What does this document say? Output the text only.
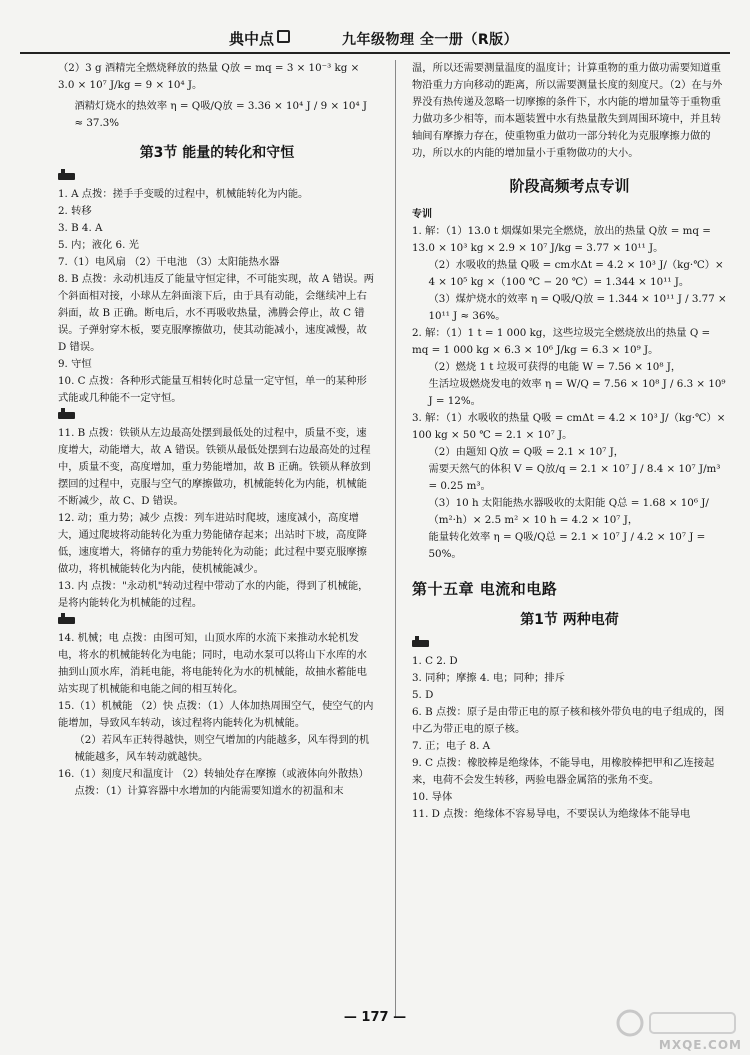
典中点	九年级物理 全一册（R版）

（2）3 g 酒精完全燃烧释放的热量 Q放 = mq = 3 × 10⁻³ kg ×

3.0 × 10⁷ J/kg = 9 × 10⁴ J。

酒精灯烧水的热效率 η = Q吸/Q放 = 3.36 × 10⁴ J / 9 × 10⁴ J ≈ 37.3%

第3节 能量的转化和守恒

1. A 点拨：搓手手变暖的过程中，机械能转化为内能。

2. 转移

3. B 4. A

5. 内；液化 6. 光

7.（1）电风扇 （2）干电池 （3）太阳能热水器

8. B 点拨：永动机违反了能量守恒定律，不可能实现，故 A 错误。两个斜面相对接，小球从左斜面滚下后，由于具有动能，会继续冲上右斜面，故 B 正确。断电后，水不再吸收热量，沸腾会停止，故 C 错误。子弹射穿木板，要克服摩擦做功，使其动能减小，速度减慢，故 D 错误。

9. 守恒

10. C 点拨：各种形式能量互相转化时总量一定守恒，单一的某种形式能或几种能不一定守恒。

11. B 点拨：铁锁从左边最高处摆到最低处的过程中，质量不变，速度增大，动能增大，故 A 错误。铁锁从最低处摆到右边最高处的过程中，质量不变，高度增加，重力势能增加，故 B 正确。铁锁从释放到摆回的过程中，克服与空气的摩擦做功，机械能转化为内能，机械能不断减少，故 C、D 错误。

12. 动；重力势；减少 点拨：列车进站时爬坡，速度减小，高度增大，通过爬坡将动能转化为重力势能储存起来；出站时下坡，高度降低，速度增大，将储存的重力势能转化为动能；此过程中要克服摩擦做功，将机械能转化为内能，使机械能减少。

13. 内 点拨："永动机"转动过程中带动了水的内能，得到了机械能，是将内能转化为机械能的过程。

14. 机械；电 点拨：由图可知，山顶水库的水流下来推动水轮机发电，将水的机械能转化为电能；同时，电动水泵可以将山下水库的水抽到山顶水库，消耗电能，将电能转化为水的机械能，故抽水蓄能电站实现了机械能和电能之间的相互转化。

15.（1）机械能 （2）快 点拨：（1）人体加热周围空气，使空气的内能增加，导致风车转动，该过程将内能转化为机械能。

（2）若风车正转得越快，则空气增加的内能越多，风车得到的机械能越多，风车转动就越快。

16.（1）刻度尺和温度计 （2）转轴处存在摩擦（或液体向外散热）

点拨：（1）计算容器中水增加的内能需要知道水的初温和末

温，所以还需要测量温度的温度计；计算重物的重力做功需要知道重物沿重力方向移动的距离，所以需要测量长度的刻度尺。（2）在与外界没有热传递及忽略一切摩擦的条件下，水内能的增加量等于重物重力做功多少相等，而本题装置中水有热量散失到周围环境中，并且转轴间有摩擦力存在，使重物重力做功一部分转化为克服摩擦力做的功，所以水的内能的增加量小于重物做功的大小。

阶段高频考点专训

专训

1. 解：（1）13.0 t 烟煤如果完全燃烧，放出的热量 Q放 = mq = 13.0 × 10³ kg × 2.9 × 10⁷ J/kg = 3.77 × 10¹¹ J。

（2）水吸收的热量 Q吸 = cm水Δt = 4.2 × 10³ J/（kg·℃）× 4 × 10⁵ kg ×（100 ℃ − 20 ℃）= 1.344 × 10¹¹ J。

（3）煤炉烧水的效率 η = Q吸/Q放 = 1.344 × 10¹¹ J / 3.77 × 10¹¹ J ≈ 36%。

2. 解：（1）1 t = 1 000 kg，这些垃圾完全燃烧放出的热量 Q = mq = 1 000 kg × 6.3 × 10⁶ J/kg = 6.3 × 10⁹ J。

（2）燃烧 1 t 垃圾可获得的电能 W = 7.56 × 10⁸ J，

生活垃圾燃烧发电的效率 η = W/Q = 7.56 × 10⁸ J / 6.3 × 10⁹ J = 12%。

3. 解：（1）水吸收的热量 Q吸 = cmΔt = 4.2 × 10³ J/（kg·℃）× 100 kg × 50 ℃ = 2.1 × 10⁷ J。

（2）由题知 Q放 = Q吸 = 2.1 × 10⁷ J，

需要天然气的体积 V = Q放/q = 2.1 × 10⁷ J / 8.4 × 10⁷ J/m³ = 0.25 m³。

（3）10 h 太阳能热水器吸收的太阳能 Q总 = 1.68 × 10⁶ J/（m²·h）× 2.5 m² × 10 h = 4.2 × 10⁷ J，

能量转化效率 η = Q吸/Q总 = 2.1 × 10⁷ J / 4.2 × 10⁷ J = 50%。

第十五章 电流和电路
第1节 两种电荷

1. C 2. D

3. 同种；摩擦 4. 电；同种；排斥

5. D

6. B 点拨：原子是由带正电的原子核和核外带负电的电子组成的，图中乙为带正电的原子核。

7. 正；电子 8. A

9. C 点拨：橡胶棒是绝缘体，不能导电，用橡胶棒把甲和乙连接起来，电荷不会发生转移，两验电器金属箔的张角不变。

10. 导体

11. D 点拨：绝缘体不容易导电，不要误认为绝缘体不能导电

— 177 —
MXQE.COM
